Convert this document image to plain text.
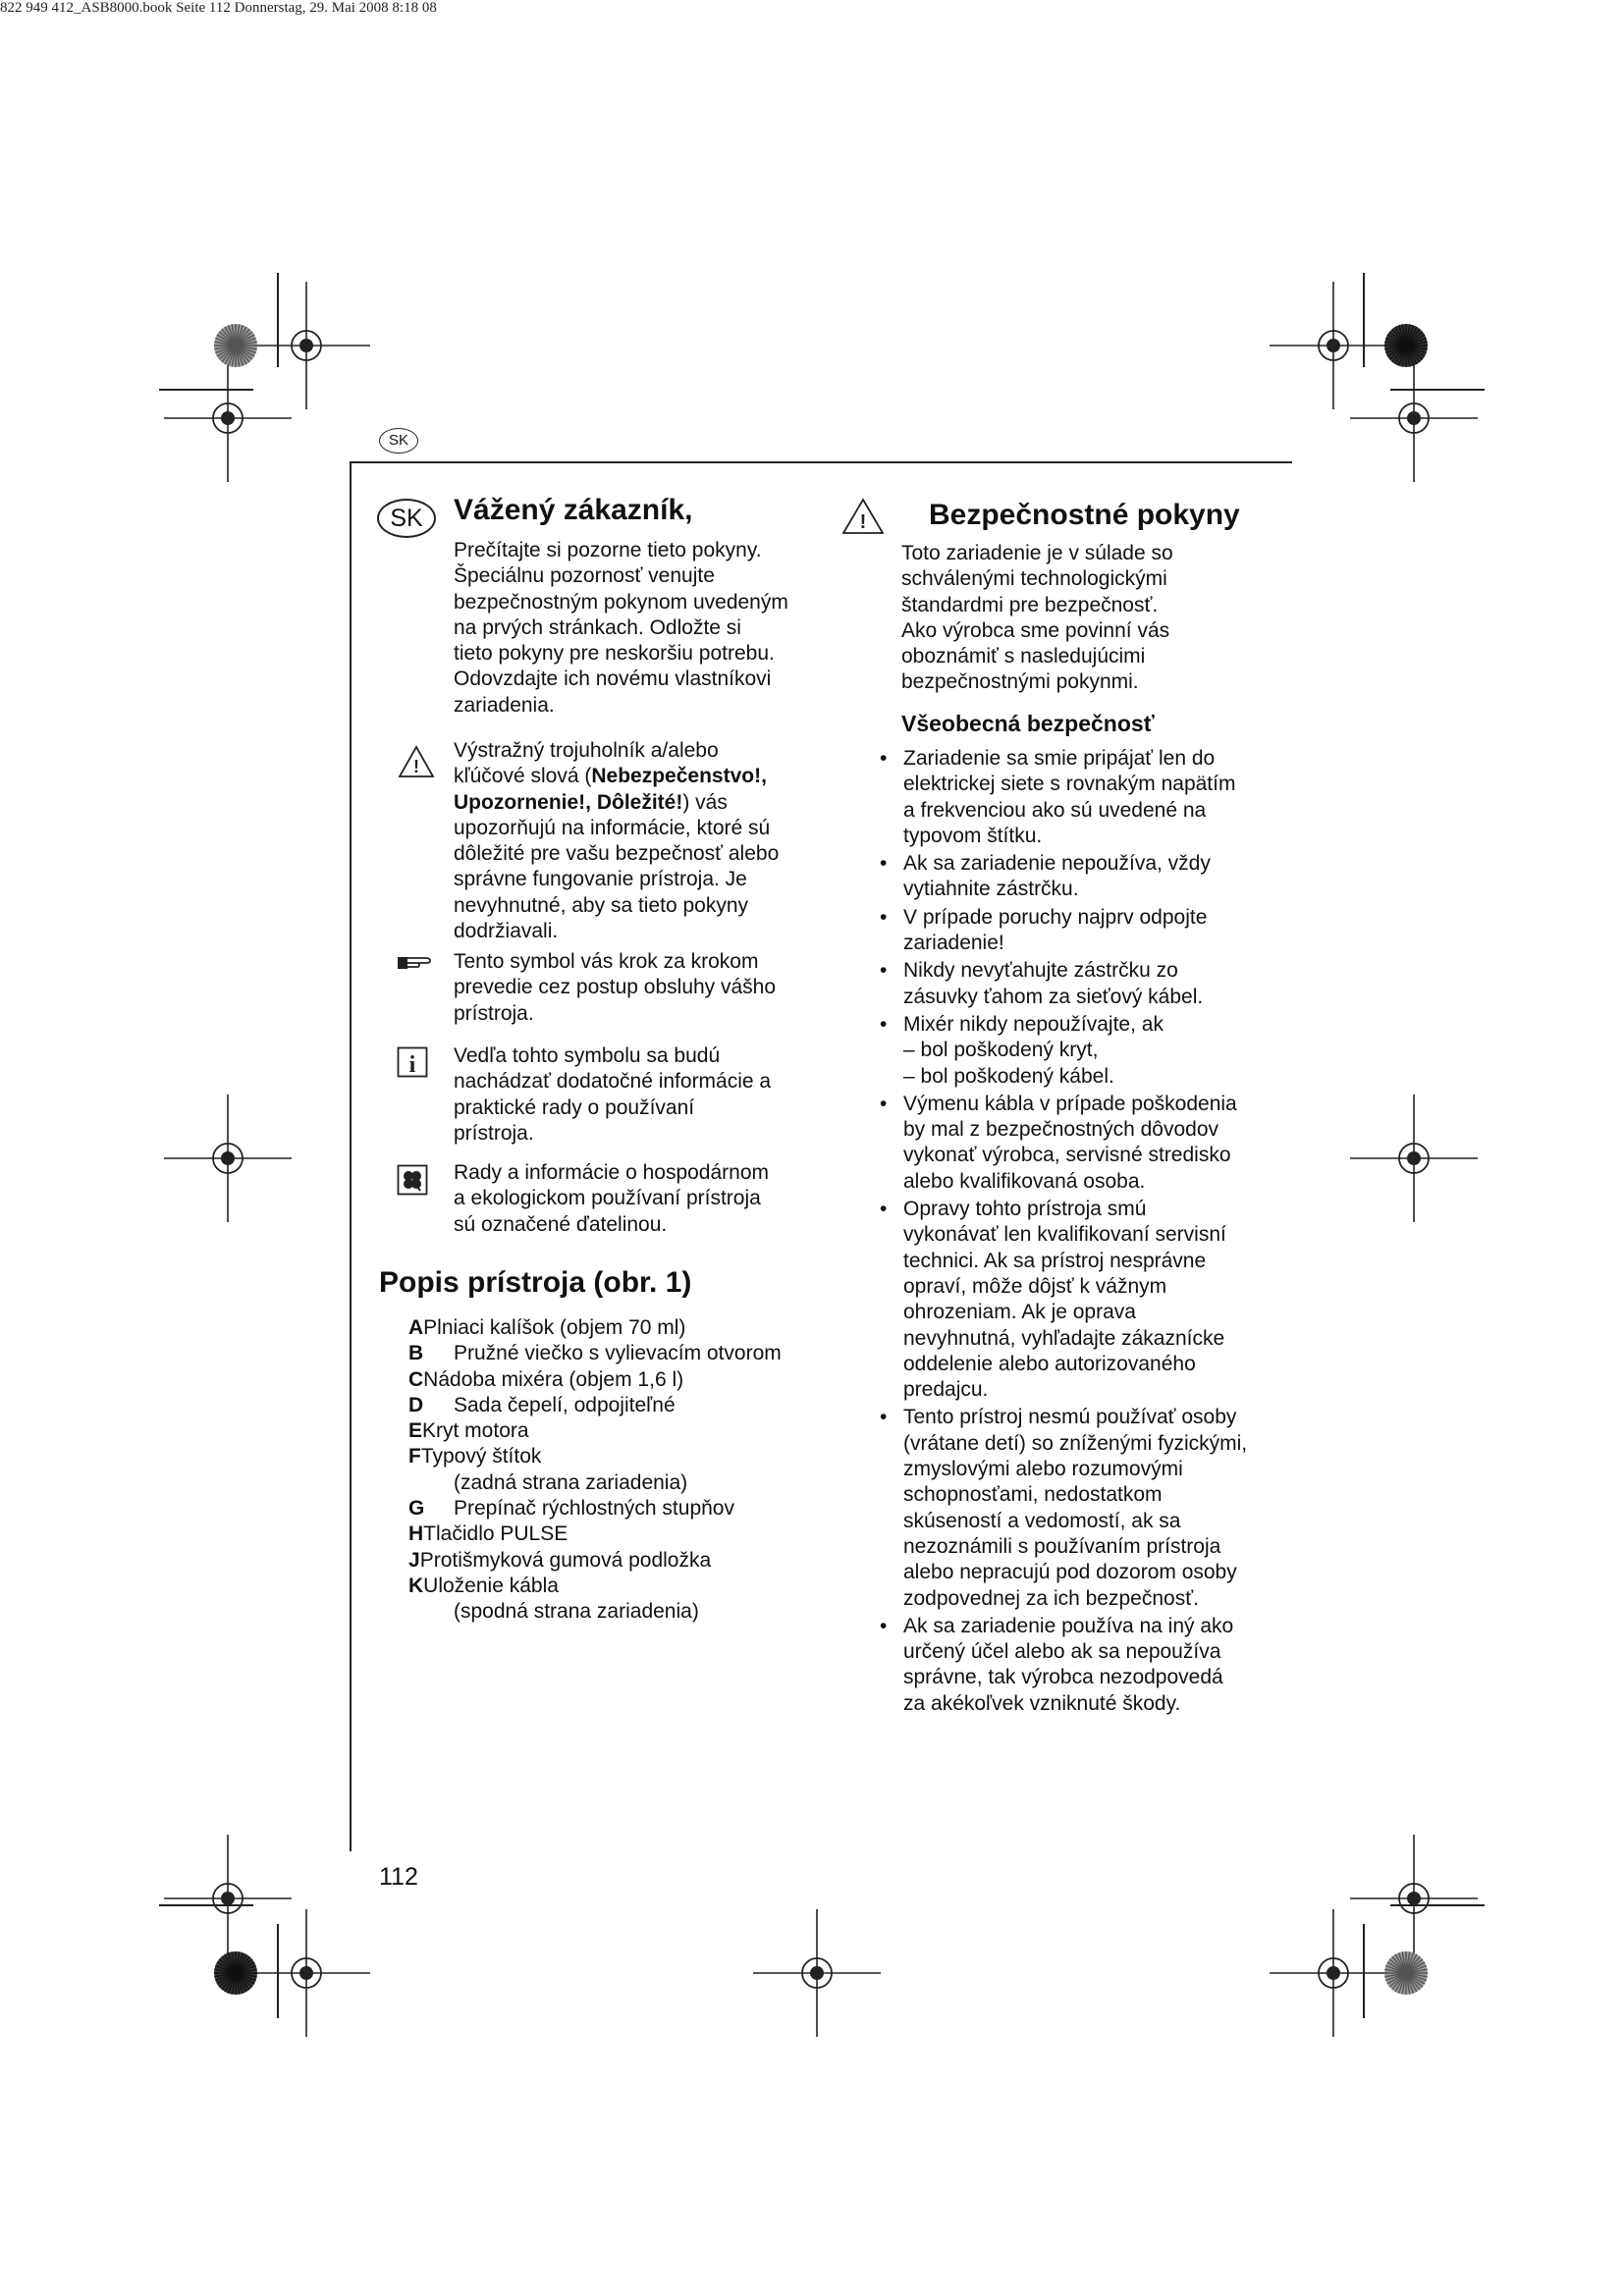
822 949 412_ASB8000.book Seite 112 Donnerstag, 29. Mai 2008 8:18 08
SK
SK	Vážený zákazník,
Prečítajte si pozorne tieto pokyny.
Špeciálnu pozornosť venujte
bezpečnostným pokynom uvedeným
na prvých stránkach. Odložte si
tieto pokyny pre neskoršiu potrebu.
Odovzdajte ich novému vlastníkovi
zariadenia.
!
Výstražný trojuholník a/alebo
kľúčové slová (Nebezpečenstvo!,
Upozornenie!, Dôležité!) vás
upozorňujú na informácie, ktoré sú
dôležité pre vašu bezpečnosť alebo
správne fungovanie prístroja. Je
nevyhnutné, aby sa tieto pokyny
dodržiavali.
Tento symbol vás krok za krokom
prevedie cez postup obsluhy vášho
prístroja.
i Vedľa tohto symbolu sa budú
nachádzať dodatočné informácie a
praktické rady o používaní
prístroja.
Rady a informácie o hospodárnom
a ekologickom používaní prístroja
sú označené ďatelinou.
Popis prístroja (obr. 1)
A Plniaci kalíšok (objem 70 ml)
B	Pružné viečko s vylievacím otvorom
C Nádoba mixéra (objem 1,6 l)
D	Sada čepelí, odpojiteľné
E Kryt motora
F Typový štítok
(zadná strana zariadenia)
G	Prepínač rýchlostných stupňov
H Tlačidlo PULSE
J Protišmyková gumová podložka
K Uloženie kábla
(spodná strana zariadenia)
! Bezpečnostné pokyny
Toto zariadenie je v súlade so
schválenými technologickými
štandardmi pre bezpečnosť.
Ako výrobca sme povinní vás
oboznámiť s nasledujúcimi
bezpečnostnými pokynmi.
Všeobecná bezpečnosť
• Zariadenie sa smie pripájať len do
elektrickej siete s rovnakým napätím
a frekvenciou ako sú uvedené na
typovom štítku.
• Ak sa zariadenie nepoužíva, vždy
vytiahnite zástrčku.
• V prípade poruchy najprv odpojte
zariadenie!
• Nikdy nevyťahujte zástrčku zo
zásuvky ťahom za sieťový kábel.
• Mixér nikdy nepoužívajte, ak
– bol poškodený kryt,
– bol poškodený kábel.
• Výmenu kábla v prípade poškodenia
by mal z bezpečnostných dôvodov
vykonať výrobca, servisné stredisko
alebo kvalifikovaná osoba.
• Opravy tohto prístroja smú
vykonávať len kvalifikovaní servisní
technici. Ak sa prístroj nesprávne
opraví, môže dôjsť k vážnym
ohrozeniam. Ak je oprava
nevyhnutná, vyhľadajte zákaznícke
oddelenie alebo autorizovaného
predajcu.
• Tento prístroj nesmú používať osoby
(vrátane detí) so zníženými fyzickými,
zmyslovými alebo rozumovými
schopnosťami, nedostatkom
skúseností a vedomostí, ak sa
nezoznámili s používaním prístroja
alebo nepracujú pod dozorom osoby
zodpovednej za ich bezpečnosť.
• Ak sa zariadenie používa na iný ako
určený účel alebo ak sa nepoužíva
správne, tak výrobca nezodpovedá
za akékoľvek vzniknuté škody.
112
